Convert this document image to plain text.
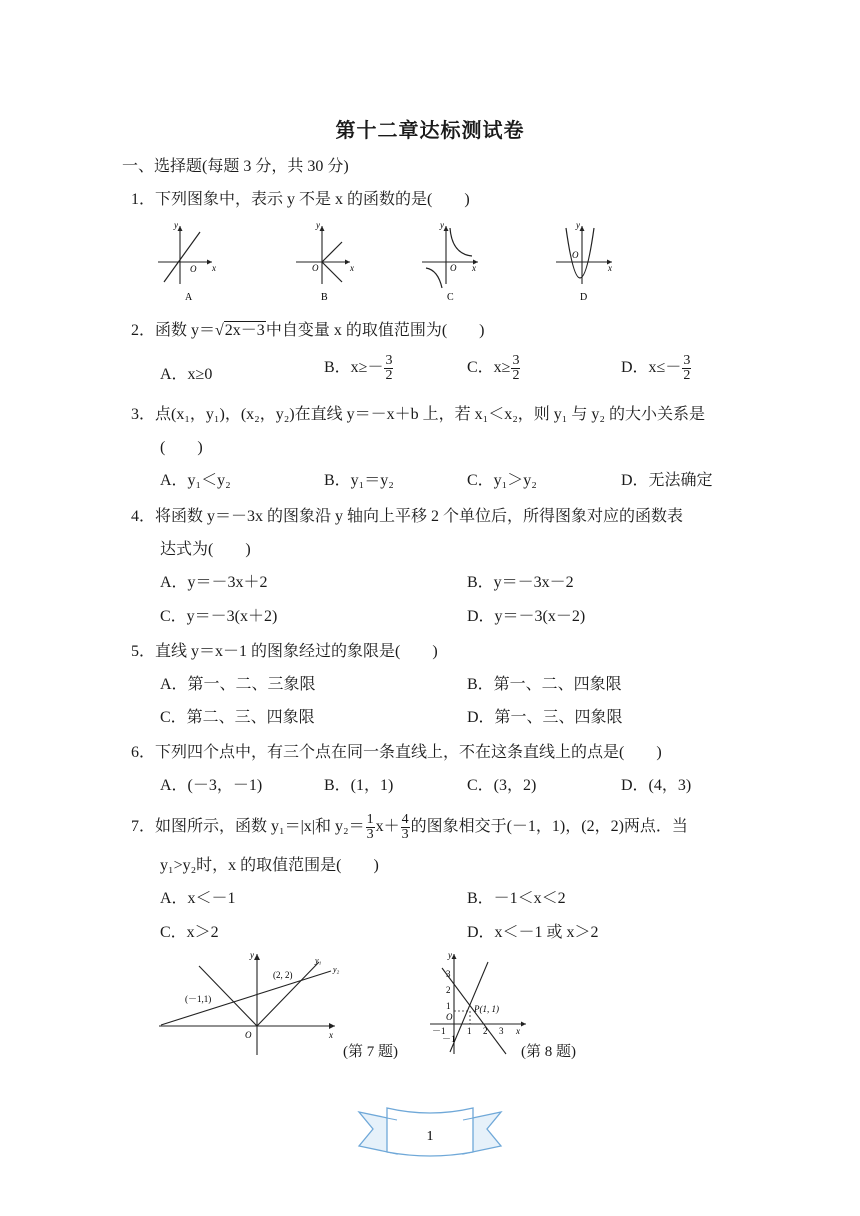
第十二章达标测试卷
一、选择题(每题 3 分，共 30 分)
1．下列图象中，表示 y 不是 x 的函数的是(　　)
y
x
O
A
y
x
O
B
y
x
O
C
y
x
O
D
2．函数 y＝√2x－3中自变量 x 的取值范围为(　　)
A．x≥0	B．$x\ge- \frac{3}{2}$	C．$x\ge \frac{3}{2}$	D．$x\le- \frac{3}{2}$
3．点(x₁，y₁)，(x₂，y₂)在直线 y＝－x＋b 上，若 x₁＜x₂，则 y₁ 与 y₂ 的大小关系是
(　　)
A．y₁＜y₂	B．y₁＝y₂	C．y₁＞y₂	D．无法确定
4．将函数 y＝－3x 的图象沿 y 轴向上平移 2 个单位后，所得图象对应的函数表
达式为(　　)
A．y＝－3x＋2	B．y＝－3x－2
C．y＝－3(x＋2)	D．y＝－3(x－2)
5．直线 y＝x－1 的图象经过的象限是(　　)
A．第一、二、三象限	B．第一、二、四象限
C．第二、三、四象限	D．第一、三、四象限
6．下列四个点中，有三个点在同一条直线上，不在这条直线上的点是(　　)
A．(－3，－1)	B．(1，1)	C．(3，2)	D．(4，3)
7．如图所示，函数 y₁＝|x|和 $y_2= \frac{1}{3} x+ \frac{4}{3}$ 的图象相交于(－1，1)，(2，2)两点．当
y₁>y₂时，x 的取值范围是(　　)
A．x＜－1	B．－1＜x＜2
C．x＞2	D．x＜－1 或 x＞2
y
x
O
(－1,1)
(2, 2)
y₁
y₂
(第 7 题)
y
x
O
3
2
1
－1
－1 1 2 3
P(1, 1)
(第 8 题)
1
